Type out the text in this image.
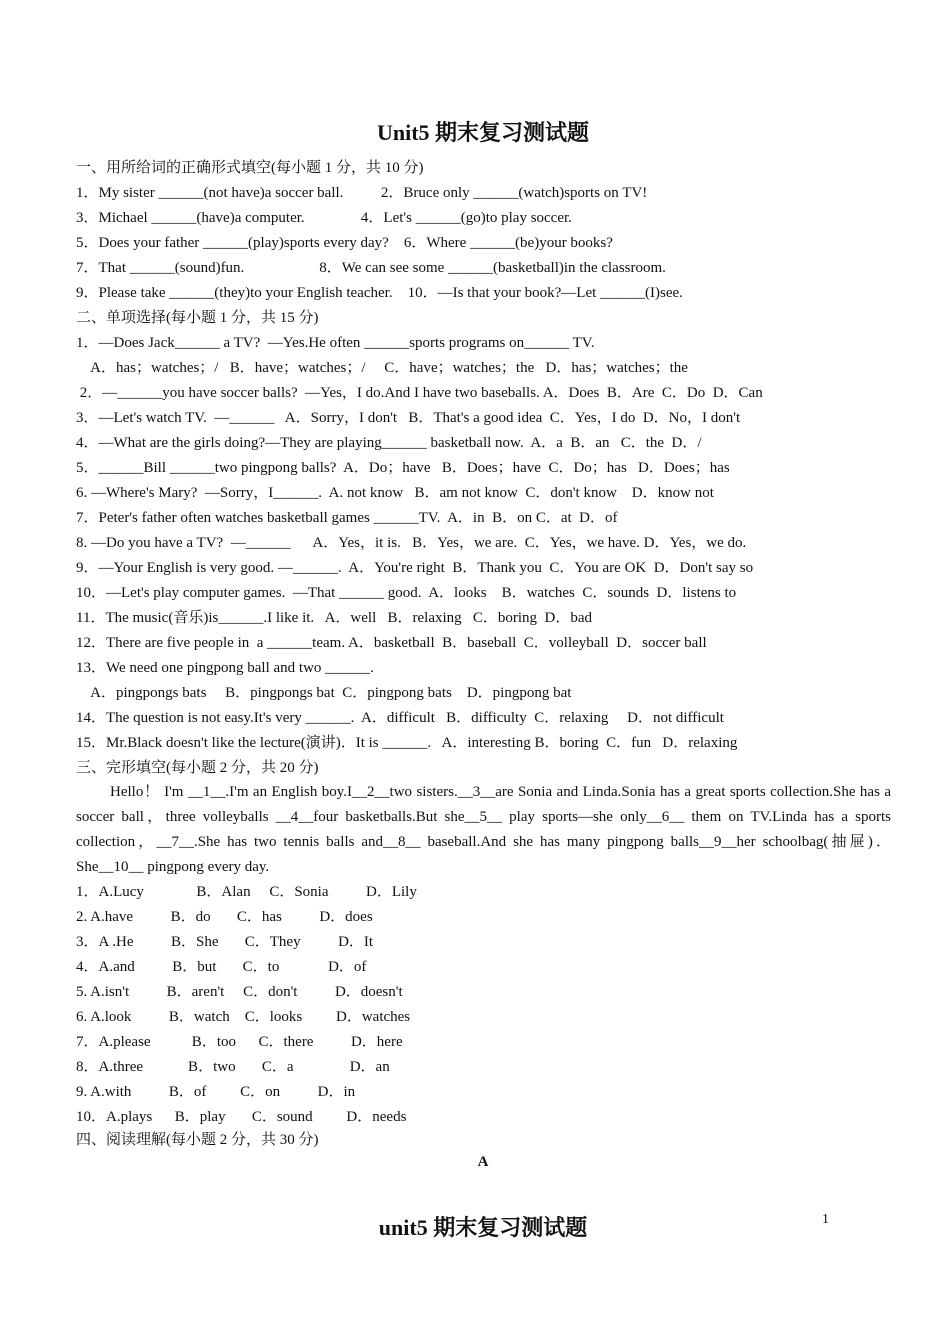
Unit5 期末复习测试题
一、用所给词的正确形式填空(每小题 1 分，共 10 分)
1．My sister ______(not have)a soccer ball.          2．Bruce only ______(watch)sports on TV!
3．Michael ______(have)a computer.               4．Let's ______(go)to play soccer.
5．Does your father ______(play)sports every day?    6．Where ______(be)your books?
7．That ______(sound)fun.                    8．We can see some ______(basketball)in the classroom.
9．Please take ______(they)to your English teacher.    10．—Is that your book?—Let ______(I)see.
二、单项选择(每小题 1 分，共 15 分)
1．—Does Jack______ a TV?  —Yes.He often ______sports programs on______ TV.
A．has；watches；/   B．have；watches；/     C．have；watches；the   D．has；watches；the
2．—______you have soccer balls?  —Yes，I do.And I have two baseballs. A．Does  B．Are  C．Do  D．Can
3．—Let's watch TV.  —______   A．Sorry，I don't   B．That's a good idea  C．Yes，I do  D．No，I don't
4．—What are the girls doing?—They are playing______ basketball now.  A．a  B．an   C．the  D．/
5．______Bill ______two pingpong balls?  A．Do；have   B．Does；have  C．Do；has   D．Does；has
6. —Where's Mary?  —Sorry，I______.  A. not know   B．am not know  C．don't know    D．know not
7．Peter's father often watches basketball games ______TV.  A．in  B．on C．at  D．of
8. —Do you have a TV?  —______      A．Yes，it is.   B．Yes，we are.  C．Yes，we have. D．Yes，we do.
9．—Your English is very good. —______.  A．You're right  B．Thank you  C．You are OK  D．Don't say so
10．—Let's play computer games.  —That ______ good.  A．looks    B．watches  C．sounds  D．listens to
11．The music(音乐)is______.I like it.   A．well   B．relaxing   C．boring  D．bad
12．There are five people in  a ______team. A．basketball  B．baseball  C．volleyball  D．soccer ball
13．We need one pingpong ball and two ______.
A．pingpongs bats     B．pingpongs bat  C．pingpong bats    D．pingpong bat
14．The question is not easy.It's very ______.  A．difficult   B．difficulty  C．relaxing     D．not difficult
15．Mr.Black doesn't like the lecture(演讲)．It is ______.   A．interesting B．boring  C．fun   D．relaxing
三、完形填空(每小题 2 分，共 20 分)
Hello！ I'm __1__.I'm an English boy.I__2__two sisters.__3__are Sonia and Linda.Sonia has a great sports collection.She has a soccer ball，three volleyballs __4__four basketballs.But she__5__ play sports—she only__6__ them on TV.Linda has a sports collection，__7__.She has two tennis balls and__8__ baseball.And she has many pingpong balls__9__her schoolbag(抽屉)．She__10__ pingpong every day.
1．A.Lucy              B．Alan     C．Sonia          D．Lily
2. A.have          B．do       C．has          D．does
3．A .He          B．She       C．They          D．It
4．A.and          B．but       C．to             D．of
5. A.isn't          B．aren't     C．don't          D．doesn't
6. A.look          B．watch    C．looks         D．watches
7．A.please           B．too      C．there          D．here
8．A.three            B．two       C．a               D．an
9. A.with          B．of         C．on          D．in
10．A.plays      B．play       C．sound         D．needs
四、阅读理解(每小题 2 分，共 30 分)
A
unit5 期末复习测试题	1
